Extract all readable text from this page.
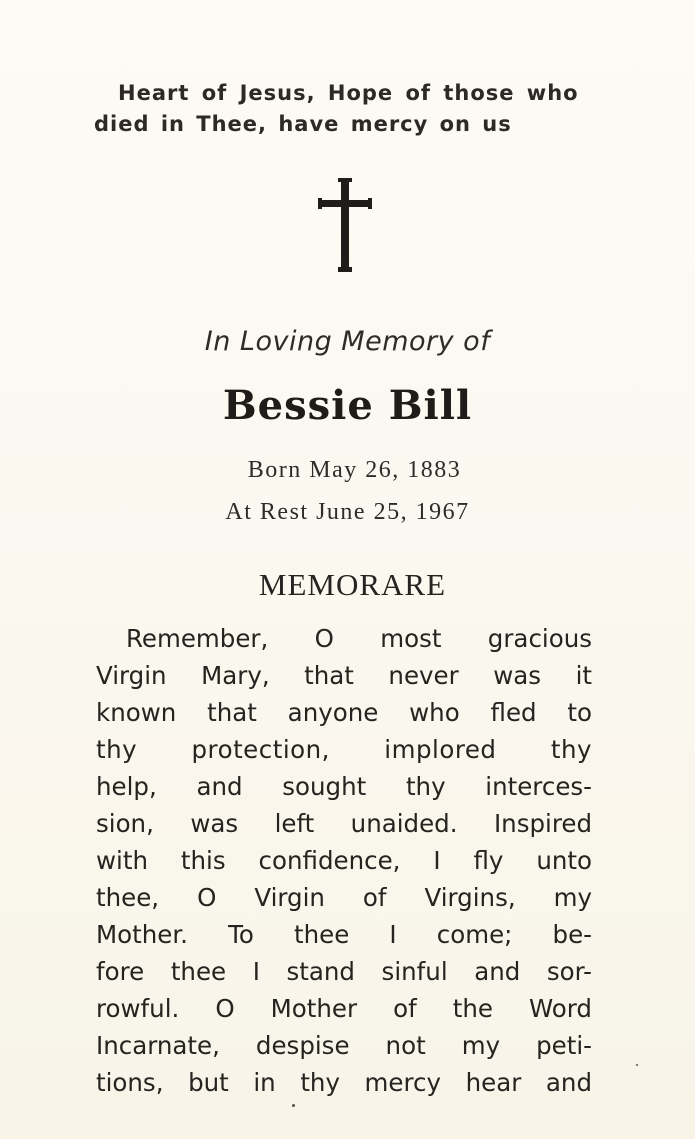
Heart of Jesus, Hope of those who
died in Thee, have mercy on us
In Loving Memory of
Bessie Bill
Born May 26, 1883
At Rest June 25, 1967
MEMORARE
Remember, O most gracious
Virgin Mary, that never was it
known that anyone who fled to
thy protection, implored thy
help, and sought thy interces-
sion, was left unaided. Inspired
with this confidence, I fly unto
thee, O Virgin of Virgins, my
Mother. To thee I come; be-
fore thee I stand sinful and sor-
rowful. O Mother of the Word
Incarnate, despise not my peti-
tions, but in thy mercy hear and
